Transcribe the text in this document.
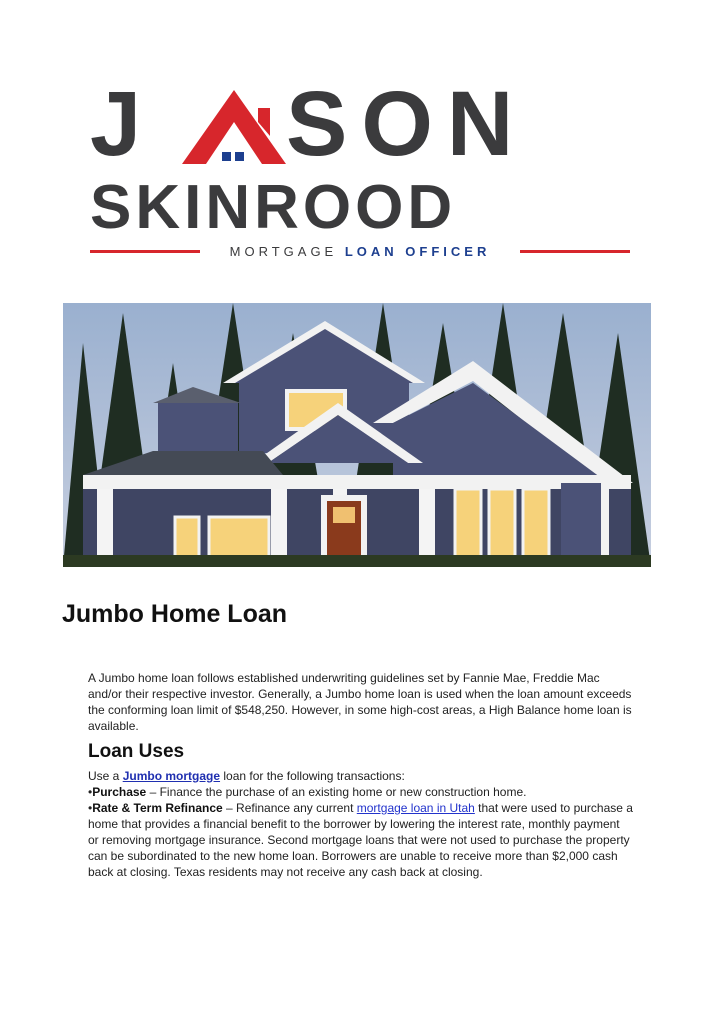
J SON
SKINROOD
MORTGAGE LOAN OFFICER
Jumbo Home Loan

A Jumbo home loan follows established underwriting guidelines set by Fannie Mae, Freddie Mac and/or their respective investor. Generally, a Jumbo home loan is used when the loan amount exceeds the conforming loan limit of $548,250. However, in some high-cost areas, a High Balance home loan is available.

Loan Uses

Use a Jumbo mortgage loan for the following transactions:

•Purchase – Finance the purchase of an existing home or new construction home.

•Rate & Term Refinance – Refinance any current mortgage loan in Utah that were used to purchase a home that provides a financial benefit to the borrower by lowering the interest rate, monthly payment or removing mortgage insurance. Second mortgage loans that were not used to purchase the property can be subordinated to the new home loan. Borrowers are unable to receive more than $2,000 cash back at closing. Texas residents may not receive any cash back at closing.
